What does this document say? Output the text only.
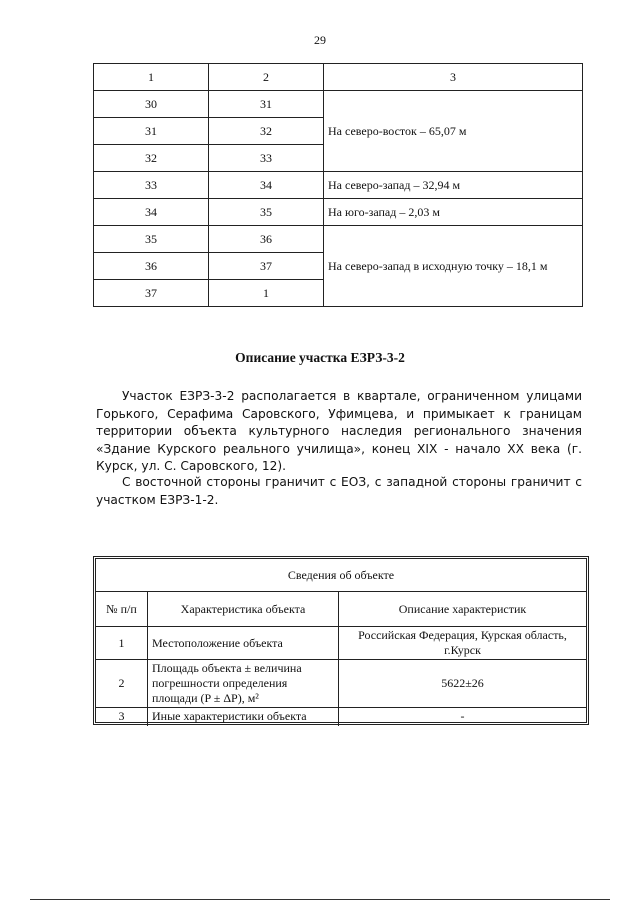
29
1	2	3
30	31	На северо-восток – 65,07 м
31	32	
32	33	
33	34	На северо-запад – 32,94 м
34	35	На юго-запад – 2,03 м
35	36	На северо-запад в исходную точку – 18,1 м
36	37	
37	1	
Описание участка ЕЗРЗ-3-2

Участок ЕЗРЗ-3-2 располагается в квартале, ограниченном улицами Горького, Серафима Саровского, Уфимцева, и примыкает к границам территории объекта культурного наследия регионального значения «Здание Курского реального училища», конец XIX - начало XX века (г. Курск, ул. С. Саровского, 12).

С восточной стороны граничит с ЕОЗ, с западной стороны граничит с участком ЕЗРЗ-1-2.

Сведения об объекте		
№ п/п	Характеристика объекта	Описание характеристик
1	Местоположение объекта	Российская Федерация, Курская область, г.Курск
2	Площадь объекта ± величина погрешности определения площади (P ± ΔP), м²	5622±26
3	Иные характеристики объекта	-
